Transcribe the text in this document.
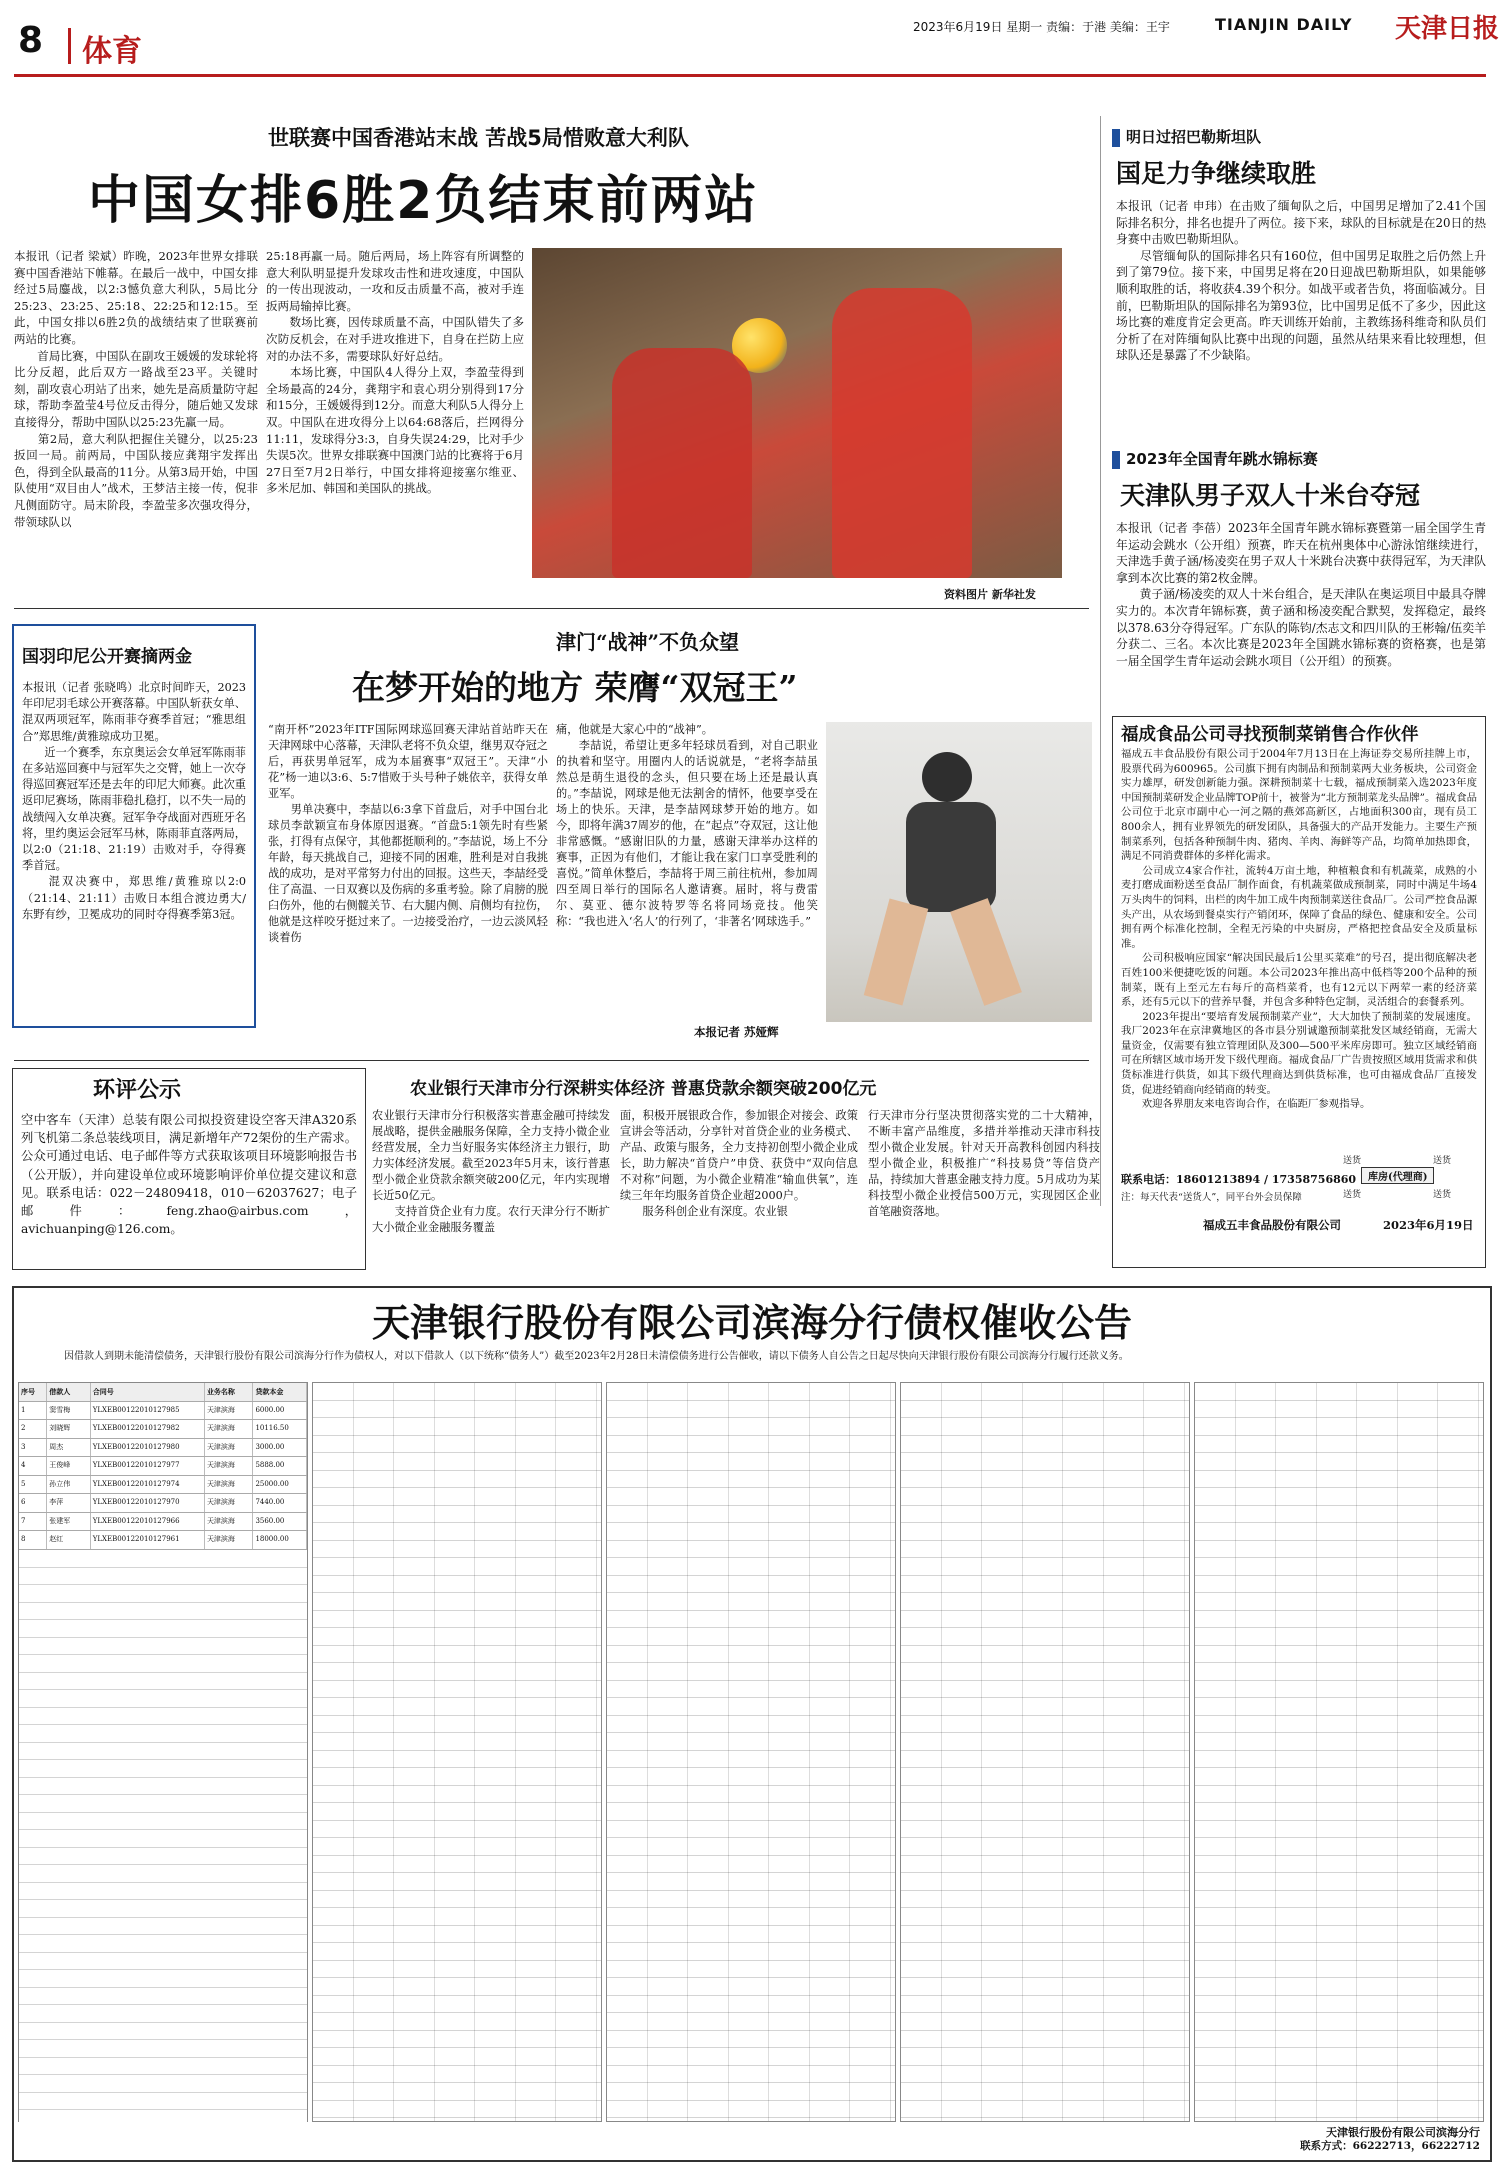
8 体育
2023年6月19日 星期一 责编：于港 美编：王宇	TIANJIN DAILY 天津日报
世联赛中国香港站末战 苦战5局惜败意大利队
中国女排6胜2负结束前两站
本报讯（记者 梁斌）昨晚，2023年世界女排联赛中国香港站下帷幕。在最后一战中，中国女排经过5局鏖战，以2:3憾负意大利队，5局比分25:23、23:25、25:18、22:25和12:15。至此，中国女排以6胜2负的战绩结束了世联赛前两站的比赛。
　　首局比赛，中国队在副攻王媛媛的发球轮将比分反超，此后双方一路战至23平。关键时刻，副攻袁心玥站了出来，她先是高质量防守起球，帮助李盈莹4号位反击得分，随后她又发球直接得分，帮助中国队以25:23先赢一局。
　　第2局，意大利队把握住关键分，以25:23扳回一局。前两局，中国队接应龚翔宇发挥出色，得到全队最高的11分。从第3局开始，中国队使用“双目由人”战术，王梦洁主接一传，倪非凡侧面防守。局末阶段，李盈莹多次强攻得分，带领球队以
25:18再赢一局。随后两局，场上阵容有所调整的意大利队明显提升发球攻击性和进攻速度，中国队的一传出现波动，一攻和反击质量不高，被对手连扳两局输掉比赛。
　　数场比赛，因传球质量不高，中国队错失了多次防反机会，在对手进攻推进下，自身在拦防上应对的办法不多，需要球队好好总结。
　　本场比赛，中国队4人得分上双，李盈莹得到全场最高的24分，龚翔宇和袁心玥分别得到17分和15分，王媛媛得到12分。而意大利队5人得分上双。中国队在进攻得分上以64:68落后，拦网得分11:11，发球得分3:3，自身失误24:29，比对手少失误5次。世界女排联赛中国澳门站的比赛将于6月27日至7月2日举行，中国女排将迎接塞尔维亚、多米尼加、韩国和美国队的挑战。
资料图片 新华社发
明日过招巴勒斯坦队
国足力争继续取胜
本报讯（记者 申玮）在击败了缅甸队之后，中国男足增加了2.41个国际排名积分，排名也提升了两位。接下来，球队的目标就是在20日的热身赛中击败巴勒斯坦队。
　　尽管缅甸队的国际排名只有160位，但中国男足取胜之后仍然上升到了第79位。接下来，中国男足将在20日迎战巴勒斯坦队，如果能够顺利取胜的话，将收获4.39个积分。如战平或者告负，将面临减分。目前，巴勒斯坦队的国际排名为第93位，比中国男足低不了多少，因此这场比赛的难度肯定会更高。昨天训练开始前，主教练扬科维奇和队员们分析了在对阵缅甸队比赛中出现的问题，虽然从结果来看比较理想，但球队还是暴露了不少缺陷。
2023年全国青年跳水锦标赛
天津队男子双人十米台夺冠
本报讯（记者 李蓓）2023年全国青年跳水锦标赛暨第一届全国学生青年运动会跳水（公开组）预赛，昨天在杭州奥体中心游泳馆继续进行，天津选手黄子涵/杨凌奕在男子双人十米跳台决赛中获得冠军，为天津队拿到本次比赛的第2枚金牌。
　　黄子涵/杨凌奕的双人十米台组合，是天津队在奥运项目中最具夺牌实力的。本次青年锦标赛，黄子涵和杨凌奕配合默契，发挥稳定，最终以378.63分夺得冠军。广东队的陈钧/杰志文和四川队的王彬翰/伍奕羊分获二、三名。本次比赛是2023年全国跳水锦标赛的资格赛，也是第一届全国学生青年运动会跳水项目（公开组）的预赛。
福成食品公司寻找预制菜销售合作伙伴
福成五丰食品股份有限公司于2004年7月13日在上海证券交易所挂牌上市，股票代码为600965。公司旗下拥有肉制品和预制菜两大业务板块，公司资金实力雄厚，研发创新能力强。深耕预制菜十七载，福成预制菜入选2023年度中国预制菜研发企业品牌TOP前十，被誉为“北方预制菜龙头品牌”。福成食品公司位于北京市副中心一河之隔的燕郊高新区，占地面积300亩，现有员工800余人，拥有业界领先的研发团队，具备强大的产品开发能力。主要生产预制菜系列，包括各种预制牛肉、猪肉、羊肉、海鲜等产品，均简单加热即食，满足不同消费群体的多样化需求。
　　公司成立4家合作社，流转4万亩土地，种植粮食和有机蔬菜，成熟的小麦打磨成面粉送至食品厂制作面食，有机蔬菜做成预制菜，同时中满足牛场4万头肉牛的饲料，出栏的肉牛加工成牛肉预制菜送往食品厂。公司严控食品源头产出，从农场到餐桌实行产销闭环，保障了食品的绿色、健康和安全。公司拥有两个标准化控制，全程无污染的中央厨房，严格把控食品安全及质量标准。
　　公司积极响应国家“解决国民最后1公里买菜难”的号召，提出彻底解决老百姓100米便捷吃饭的问题。本公司2023年推出高中低档等200个品种的预制菜，既有上至元左右每斤的高档菜肴，也有12元以下两荤一素的经济菜系，还有5元以下的营养早餐，并包含多种特色定制，灵活组合的套餐系列。
　　2023年提出“要培育发展预制菜产业”，大大加快了预制菜的发展速度。我厂2023年在京津冀地区的各市县分别诚邀预制菜批发区域经销商，无需大量资金，仅需要有独立管理团队及300—500平米库房即可。独立区域经销商可在所辖区域市场开发下级代理商。福成食品厂广告贵按照区域用货需求和供货标准进行供货，如其下级代理商达到供货标准，也可由福成食品厂直接发货，促进经销商向经销商的转变。
　　欢迎各界朋友来电咨询合作，在临距厂参观指导。
联系电话：18601213894 / 17358756860
注：每天代表“送货人”，同平台外会员保障
送货	送货
库房(代理商)
送货	送货
福成五丰食品股份有限公司	2023年6月19日
国羽印尼公开赛摘两金
本报讯（记者 张晓鸣）北京时间昨天，2023年印尼羽毛球公开赛落幕。中国队斩获女单、混双两项冠军，陈雨菲夺赛季首冠；“雅思组合”郑思维/黄雅琼成功卫冕。
　　近一个赛季，东京奥运会女单冠军陈雨菲在多站巡回赛中与冠军失之交臂，她上一次夺得巡回赛冠军还是去年的印尼大师赛。此次重返印尼赛场，陈雨菲稳扎稳打，以不失一局的战绩闯入女单决赛。冠军争夺战面对西班牙名将，里约奥运会冠军马林，陈雨菲直落两局，以2:0（21:18、21:19）击败对手，夺得赛季首冠。
　　混双决赛中，郑思维/黄雅琼以2:0（21:14、21:11）击败日本组合渡边勇大/东野有纱，卫冕成功的同时夺得赛季第3冠。
津门“战神”不负众望
在梦开始的地方 荣膺“双冠王”
“南开杯”2023年ITF国际网球巡回赛天津站首站昨天在天津网球中心落幕，天津队老将不负众望，继男双夺冠之后，再获男单冠军，成为本届赛事“双冠王”。天津“小花”杨一迪以3:6、5:7惜败于头号种子姚依辛，获得女单亚军。
　　男单决赛中，李喆以6:3拿下首盘后，对手中国台北球员李歆颖宣布身体原因退赛。“首盘5:1领先时有些紧张，打得有点保守，其他都挺顺利的。”李喆说，场上不分年龄，每天挑战自己，迎接不同的困难，胜利是对自我挑战的成功，是对平常努力付出的回报。这些天，李喆经受住了高温、一日双赛以及伤病的多重考验。除了肩膀的脱臼伤外，他的右侧髋关节、右大腿内侧、肩侧均有拉伤，他就是这样咬牙挺过来了。一边接受治疗，一边云淡风轻谈着伤
痛，他就是大家心中的“战神”。
　　李喆说，希望让更多年轻球员看到，对自己职业的执着和坚守。用圈内人的话说就是，“老将李喆虽然总是萌生退役的念头，但只要在场上还是最认真的。”李喆说，网球是他无法割舍的情怀，他要享受在场上的快乐。天津，是李喆网球梦开始的地方。如今，即将年满37周岁的他，在“起点”夺双冠，这让他非常感慨。“感谢旧队的力量，感谢天津举办这样的赛事，正因为有他们，才能让我在家门口享受胜利的喜悦。”简单休整后，李喆将于周三前往杭州，参加周四至周日举行的国际名人邀请赛。届时，将与费雷尔、莫亚、德尔波特罗等名将同场竞技。他笑称：“我也进入‘名人’的行列了，‘非著名’网球选手。”
本报记者 苏娅辉
环评公示
空中客车（天津）总装有限公司拟投资建设空客天津A320系列飞机第二条总装线项目，满足新增年产72架份的生产需求。公众可通过电话、电子邮件等方式获取该项目环境影响报告书（公开版），并向建设单位或环境影响评价单位提交建议和意见。联系电话：022－24809418，010－62037627；电子邮件：feng.zhao@airbus.com，avichuanping@126.com。
农业银行天津市分行深耕实体经济 普惠贷款余额突破200亿元
农业银行天津市分行积极落实普惠金融可持续发展战略，提供金融服务保障，全力支持小微企业经营发展，全力当好服务实体经济主力银行，助力实体经济发展。截至2023年5月末，该行普惠型小微企业贷款余额突破200亿元，年内实现增长近50亿元。
　　支持首贷企业有力度。农行天津分行不断扩大小微企业金融服务覆盖
面，积极开展银政合作，参加银企对接会、政策宣讲会等活动，分享针对首贷企业的业务模式、产品、政策与服务，全力支持初创型小微企业成长，助力解决“首贷户”申贷、获贷中“双向信息不对称”问题，为小微企业精准“输血供氧”，连续三年年均服务首贷企业超2000户。
　　服务科创企业有深度。农业银
行天津市分行坚决贯彻落实党的二十大精神，不断丰富产品维度，多措并举推动天津市科技型小微企业发展。针对天开高教科创园内科技型小微企业，积极推广“科技易贷”等信贷产品，持续加大普惠金融支持力度。5月成功为某科技型小微企业授信500万元，实现园区企业首笔融资落地。
天津银行股份有限公司滨海分行债权催收公告
因借款人到期未能清偿债务，天津银行股份有限公司滨海分行作为债权人，对以下借款人（以下统称“债务人”）截至2023年2月28日未清偿债务进行公告催收，请以下债务人自公告之日起尽快向天津银行股份有限公司滨海分行履行还款义务。
序号	借款人	合同号	业务名称	贷款本金
1	窦雪梅	YLXEB00122010127985	天津滨海	6000.00
2	刘晓辉	YLXEB00122010127982	天津滨海	10116.50
3	周杰	YLXEB00122010127980	天津滨海	3000.00
4	王俊峰	YLXEB00122010127977	天津滨海	5888.00
5	孙立伟	YLXEB00122010127974	天津滨海	25000.00
6	李萍	YLXEB00122010127970	天津滨海	7440.00
7	张建军	YLXEB00122010127966	天津滨海	3560.00
8	赵红	YLXEB00122010127961	天津滨海	18000.00
天津银行股份有限公司滨海分行
联系方式：66222713，66222712
